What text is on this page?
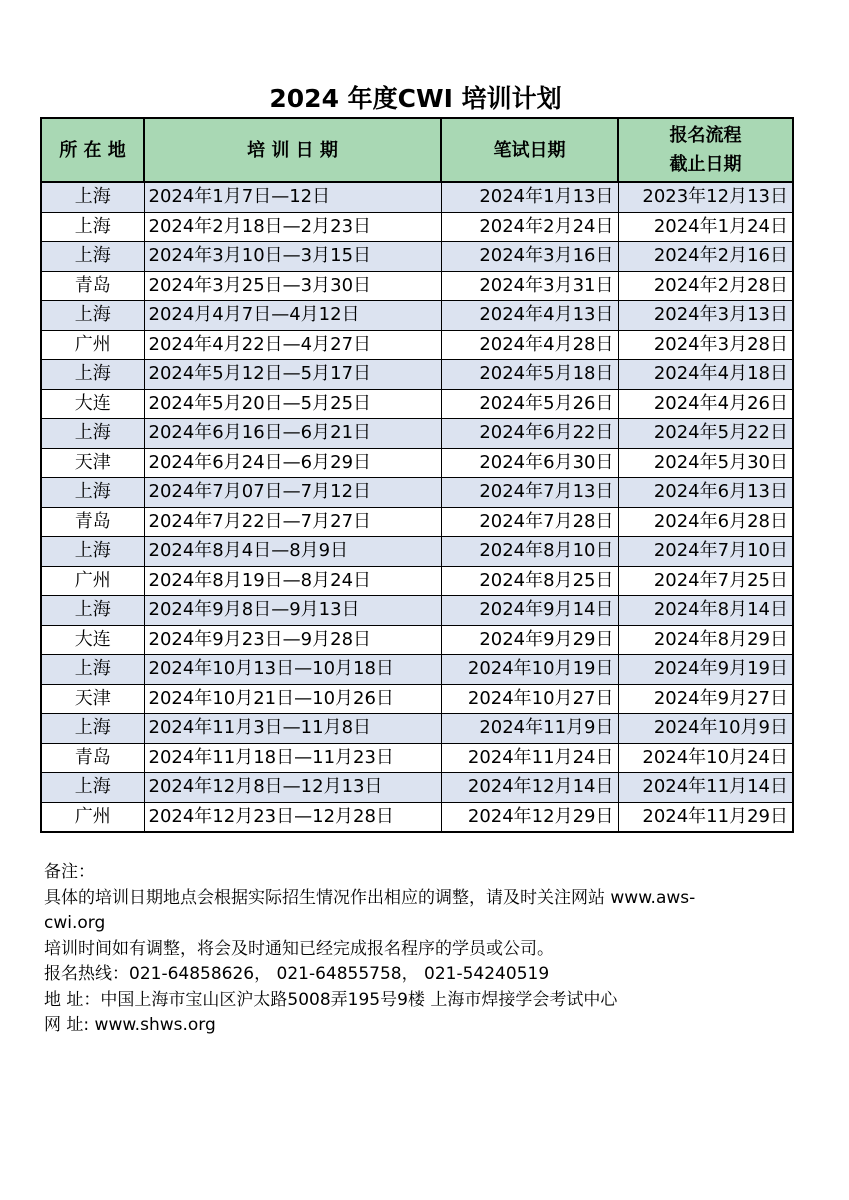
2024 年度CWI 培训计划
所 在 地	培 训 日 期	笔试日期	报名流程
截止日期

上海	2024年1月7日—12日	2024年1月13日	2023年12月13日
上海	2024年2月18日—2月23日	2024年2月24日	2024年1月24日
上海	2024年3月10日—3月15日	2024年3月16日	2024年2月16日
青岛	2024年3月25日—3月30日	2024年3月31日	2024年2月28日
上海	2024月4月7日—4月12日	2024年4月13日	2024年3月13日
广州	2024年4月22日—4月27日	2024年4月28日	2024年3月28日
上海	2024年5月12日—5月17日	2024年5月18日	2024年4月18日
大连	2024年5月20日—5月25日	2024年5月26日	2024年4月26日
上海	2024年6月16日—6月21日	2024年6月22日	2024年5月22日
天津	2024年6月24日—6月29日	2024年6月30日	2024年5月30日
上海	2024年7月07日—7月12日	2024年7月13日	2024年6月13日
青岛	2024年7月22日—7月27日	2024年7月28日	2024年6月28日
上海	2024年8月4日—8月9日	2024年8月10日	2024年7月10日
广州	2024年8月19日—8月24日	2024年8月25日	2024年7月25日
上海	2024年9月8日—9月13日	2024年9月14日	2024年8月14日
大连	2024年9月23日—9月28日	2024年9月29日	2024年8月29日
上海	2024年10月13日—10月18日	2024年10月19日	2024年9月19日
天津	2024年10月21日—10月26日	2024年10月27日	2024年9月27日
上海	2024年11月3日—11月8日	2024年11月9日	2024年10月9日
青岛	2024年11月18日—11月23日	2024年11月24日	2024年10月24日
上海	2024年12月8日—12月13日	2024年12月14日	2024年11月14日
广州	2024年12月23日—12月28日	2024年12月29日	2024年11月29日

备注：

具体的培训日期地点会根据实际招生情况作出相应的调整，请及时关注网站 www.aws-

cwi.org

培训时间如有调整，将会及时通知已经完成报名程序的学员或公司。

报名热线：021-64858626， 021-64855758， 021-54240519

地 址：中国上海市宝山区沪太路5008弄195号9楼 上海市焊接学会考试中心

网 址: www.shws.org
